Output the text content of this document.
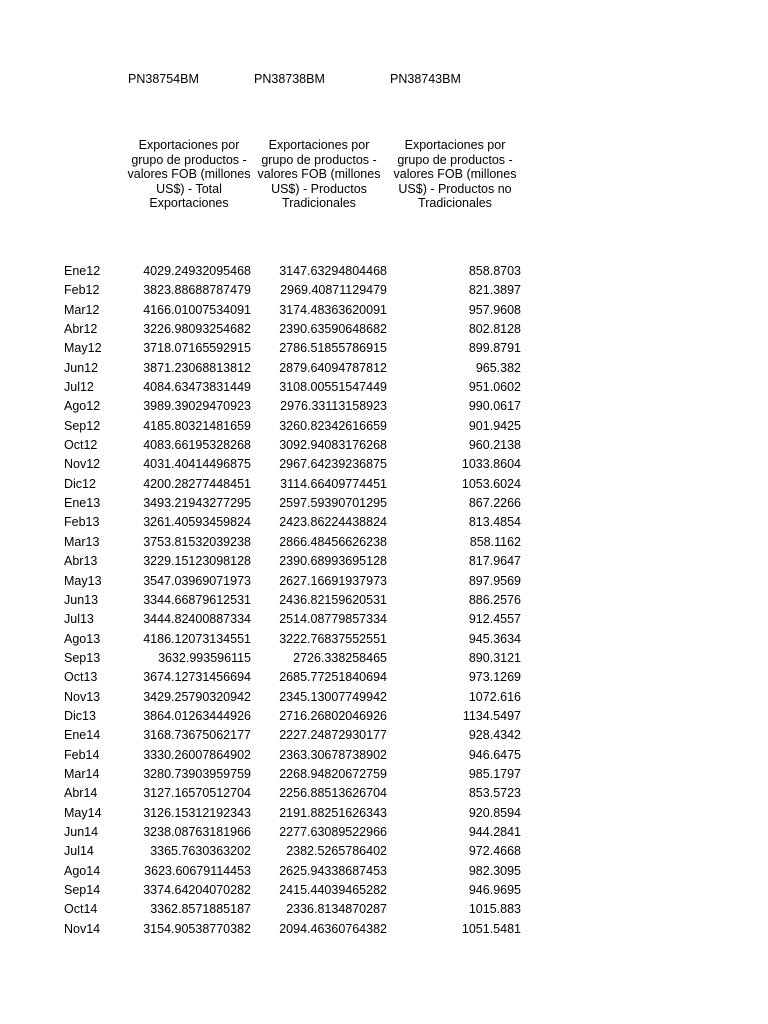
PN38754BM	PN38738BM	PN38743BM
Exportaciones por grupo de productos - valores FOB (millones US$) - Total Exportaciones
Exportaciones por grupo de productos - valores FOB (millones US$) - Productos Tradicionales
Exportaciones por grupo de productos - valores FOB (millones US$) - Productos no Tradicionales
Ene12	4029.24932095468 3147.63294804468	858.8703
Feb12	3823.88688787479 2969.40871129479	821.3897
Mar12	4166.01007534091 3174.48363620091	957.9608
Abr12	3226.98093254682 2390.63590648682	802.8128
May12	3718.07165592915 2786.51855786915	899.8791
Jun12	3871.23068813812 2879.64094787812	965.382
Jul12	4084.63473831449 3108.00551547449	951.0602
Ago12	3989.39029470923 2976.33113158923	990.0617
Sep12	4185.80321481659 3260.82342616659	901.9425
Oct12	4083.66195328268 3092.94083176268	960.2138
Nov12	4031.40414496875 2967.64239236875	1033.8604
Dic12	4200.28277448451 3114.66409774451	1053.6024
Ene13	3493.21943277295 2597.59390701295	867.2266
Feb13	3261.40593459824 2423.86224438824	813.4854
Mar13	3753.81532039238 2866.48456626238	858.1162
Abr13	3229.15123098128 2390.68993695128	817.9647
May13	3547.03969071973 2627.16691937973	897.9569
Jun13	3344.66879612531 2436.82159620531	886.2576
Jul13	3444.82400887334 2514.08779857334	912.4557
Ago13	4186.12073134551 3222.76837552551	945.3634
Sep13	3632.993596115	2726.338258465	890.3121
Oct13	3674.12731456694 2685.77251840694	973.1269
Nov13	3429.25790320942 2345.13007749942	1072.616
Dic13	3864.01263444926 2716.26802046926	1134.5497
Ene14	3168.73675062177 2227.24872930177	928.4342
Feb14	3330.26007864902 2363.30678738902	946.6475
Mar14	3280.73903959759 2268.94820672759	985.1797
Abr14	3127.16570512704 2256.88513626704	853.5723
May14	3126.15312192343 2191.88251626343	920.8594
Jun14	3238.08763181966 2277.63089522966	944.2841
Jul14	3365.7630363202	2382.5265786402	972.4668
Ago14	3623.60679114453 2625.94338687453	982.3095
Sep14	3374.64204070282 2415.44039465282	946.9695
Oct14	3362.8571885187	2336.8134870287	1015.883
Nov14	3154.90538770382 2094.46360764382	1051.5481
